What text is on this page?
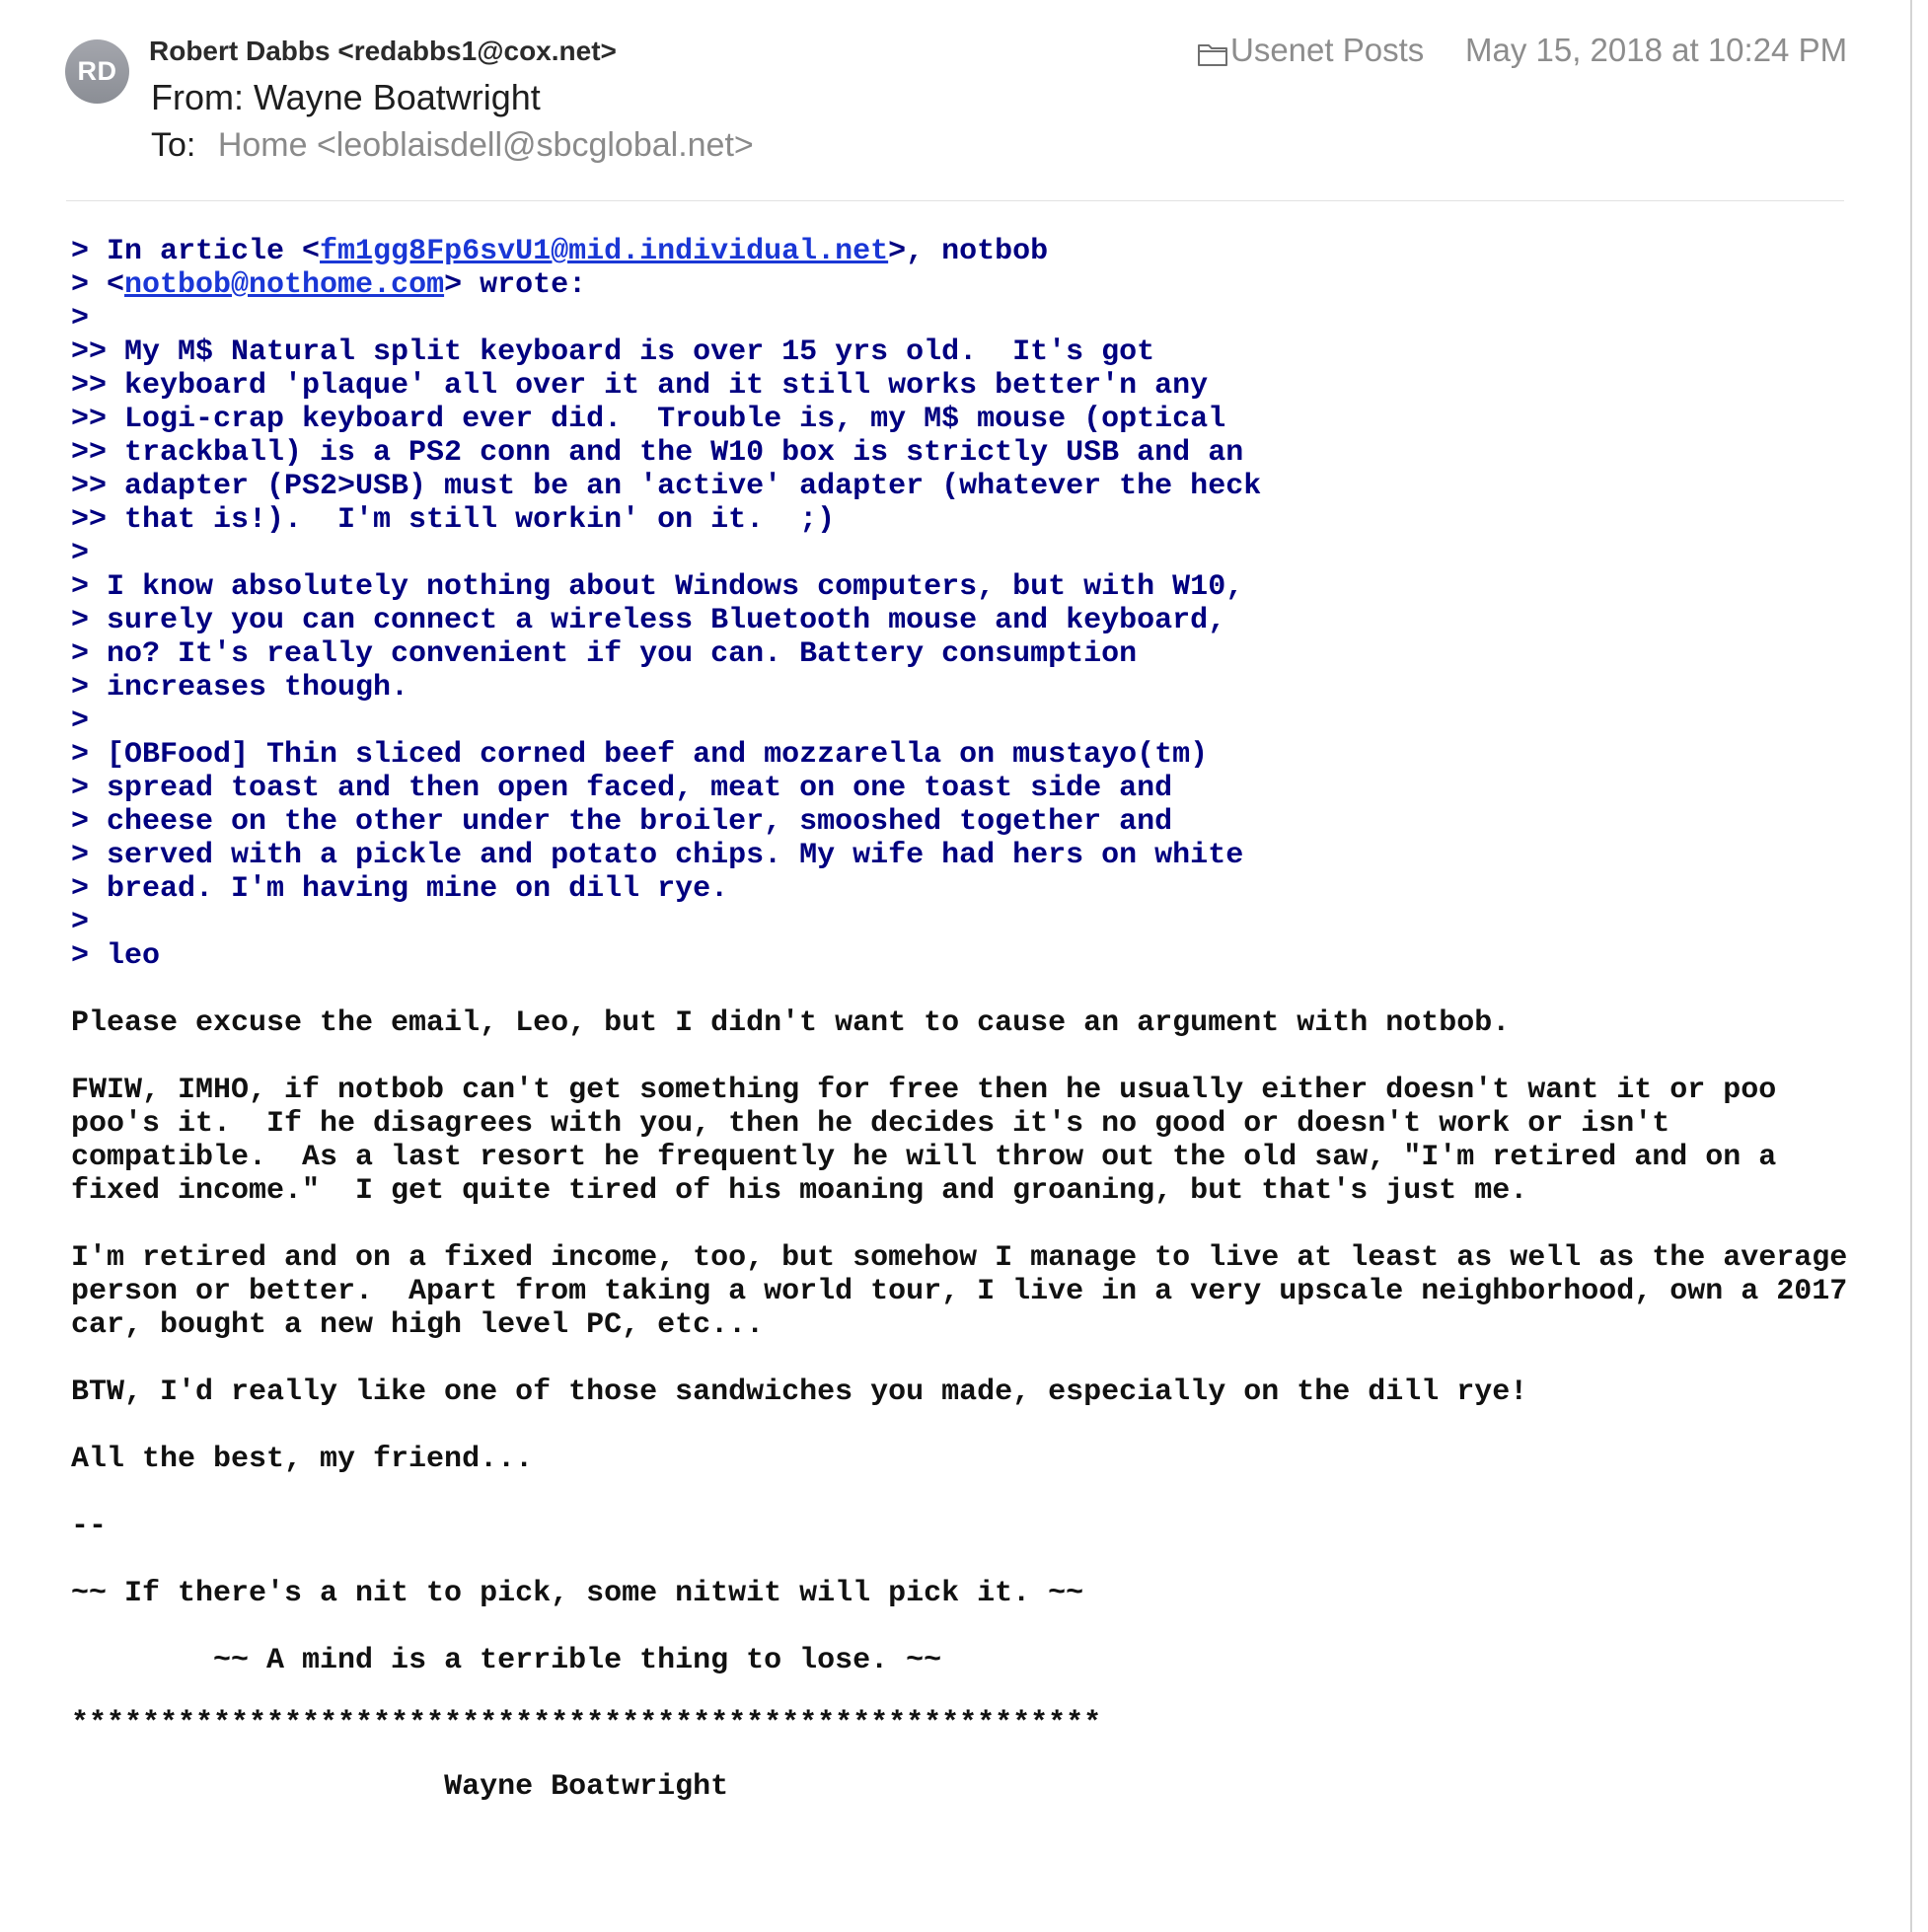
RD
Robert Dabbs <redabbs1@cox.net>
From: Wayne Boatwright
To: Home <leoblaisdell@sbcglobal.net>
Usenet Posts May 15, 2018 at 10:24 PM
> In article <fm1gg8Fp6svU1@mid.individual.net>, notbob
> <notbob@nothome.com> wrote:
>
>> My M$ Natural split keyboard is over 15 yrs old.  It's got
>> keyboard 'plaque' all over it and it still works better'n any
>> Logi-crap keyboard ever did.  Trouble is, my M$ mouse (optical
>> trackball) is a PS2 conn and the W10 box is strictly USB and an
>> adapter (PS2>USB) must be an 'active' adapter (whatever the heck
>> that is!).  I'm still workin' on it.  ;)
>
> I know absolutely nothing about Windows computers, but with W10,
> surely you can connect a wireless Bluetooth mouse and keyboard,
> no? It's really convenient if you can. Battery consumption
> increases though.
>
> [OBFood] Thin sliced corned beef and mozzarella on mustayo(tm)
> spread toast and then open faced, meat on one toast side and
> cheese on the other under the broiler, smooshed together and
> served with a pickle and potato chips. My wife had hers on white
> bread. I'm having mine on dill rye.
>
> leo

Please excuse the email, Leo, but I didn't want to cause an argument with notbob.

FWIW, IMHO, if notbob can't get something for free then he usually either doesn't want it or poo
poo's it.  If he disagrees with you, then he decides it's no good or doesn't work or isn't
compatible.  As a last resort he frequently he will throw out the old saw, "I'm retired and on a
fixed income."  I get quite tired of his moaning and groaning, but that's just me.

I'm retired and on a fixed income, too, but somehow I manage to live at least as well as the average
person or better.  Apart from taking a world tour, I live in a very upscale neighborhood, own a 2017
car, bought a new high level PC, etc...

BTW, I'd really like one of those sandwiches you made, especially on the dill rye!

All the best, my friend...

--

~~ If there's a nit to pick, some nitwit will pick it. ~~

~~ A mind is a terrible thing to lose. ~~

**********************************************************

Wayne Boatwright
